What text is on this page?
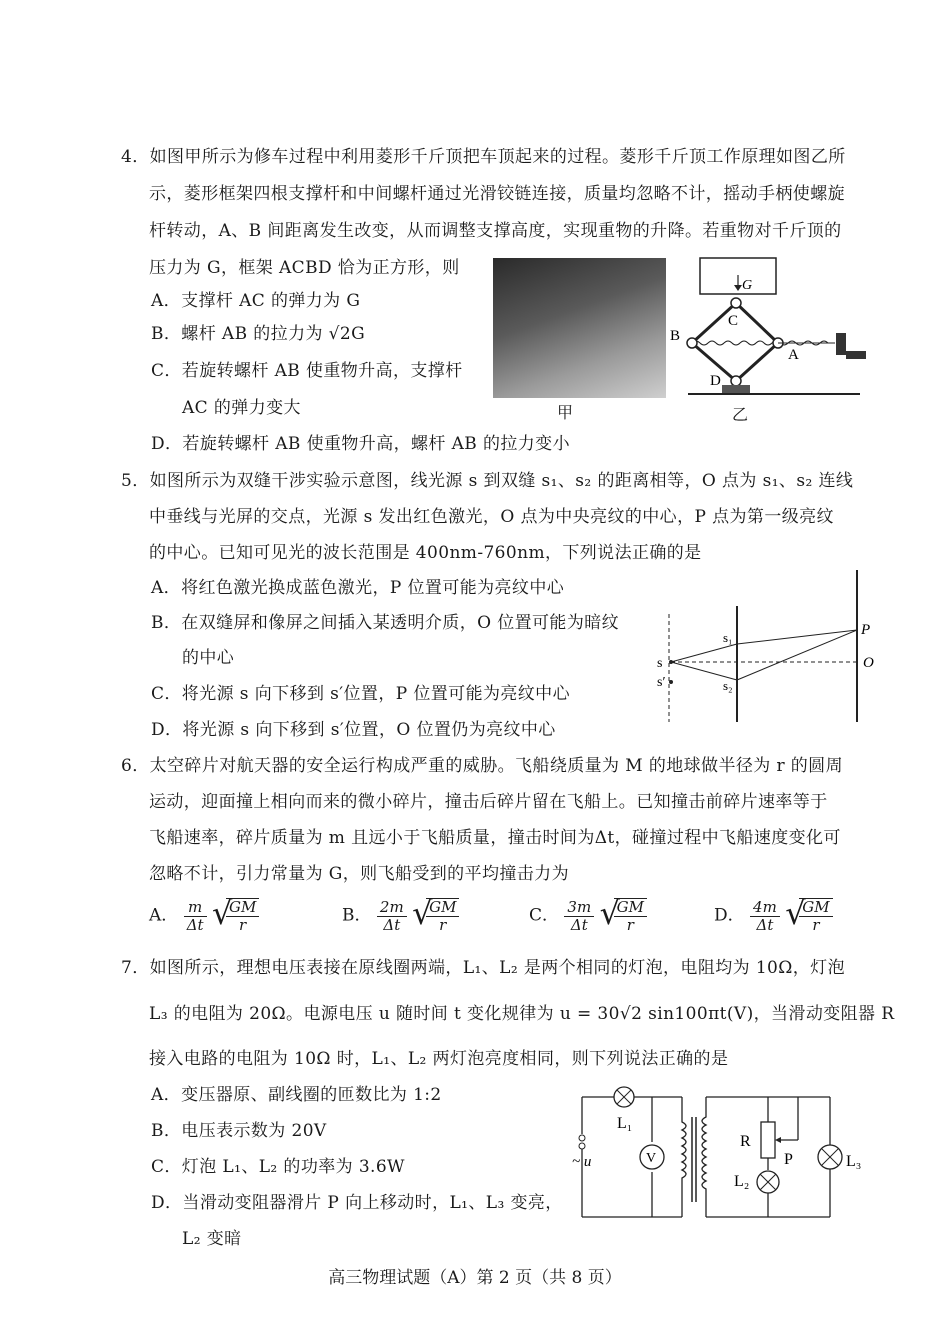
4．如图甲所示为修车过程中利用菱形千斤顶把车顶起来的过程。菱形千斤顶工作原理如图乙所
示，菱形框架四根支撑杆和中间螺杆通过光滑铰链连接，质量均忽略不计，摇动手柄使螺旋
杆转动，A、B 间距离发生改变，从而调整支撑高度，实现重物的升降。若重物对千斤顶的
压力为 G，框架 ACBD 恰为正方形，则
A．支撑杆 AC 的弹力为 G
B．螺杆 AB 的拉力为 √2G
C．若旋转螺杆 AB 使重物升高，支撑杆
AC 的弹力变大
D．若旋转螺杆 AB 使重物升高，螺杆 AB 的拉力变小
甲
G
C
B
A
D
乙
5．如图所示为双缝干涉实验示意图，线光源 s 到双缝 s₁、s₂ 的距离相等，O 点为 s₁、s₂ 连线
中垂线与光屏的交点，光源 s 发出红色激光，O 点为中央亮纹的中心，P 点为第一级亮纹
的中心。已知可见光的波长范围是 400nm-760nm，下列说法正确的是
A．将红色激光换成蓝色激光，P 位置可能为亮纹中心
B．在双缝屏和像屏之间插入某透明介质，O 位置可能为暗纹
的中心
C．将光源 s 向下移到 s′位置，P 位置可能为亮纹中心
D．将光源 s 向下移到 s′位置，O 位置仍为亮纹中心
s
s′
s₁
s₂
P
O
6．太空碎片对航天器的安全运行构成严重的威胁。飞船绕质量为 M 的地球做半径为 r 的圆周
运动，迎面撞上相向而来的微小碎片，撞击后碎片留在飞船上。已知撞击前碎片速率等于
飞船速率，碎片质量为 m 且远小于飞船质量，撞击时间为Δt，碰撞过程中飞船速度变化可
忽略不计，引力常量为 G，则飞船受到的平均撞击力为
A． $\frac{m}{\Delta t}$
√
$\frac{GM}{r}$	B． $\frac{2m}{\Delta t}$
√
$\frac{GM}{r}$	C． $\frac{3m}{\Delta t}$
√
$\frac{GM}{r}$	D． $\frac{4m}{\Delta t}$
√
$\frac{GM}{r}$
7．如图所示，理想电压表接在原线圈两端，L₁、L₂ 是两个相同的灯泡，电阻均为 10Ω，灯泡
L₃ 的电阻为 20Ω。电源电压 u 随时间 t 变化规律为 u = 30√2 sin100πt(V)，当滑动变阻器 R
接入电路的电阻为 10Ω 时，L₁、L₂ 两灯泡亮度相同，则下列说法正确的是
A．变压器原、副线圈的匝数比为 1:2
B．电压表示数为 20V
C．灯泡 L₁、L₂ 的功率为 3.6W
D．当滑动变阻器滑片 P 向上移动时，L₁、L₃ 变亮，
L₂ 变暗
L₁
V
~ u
R
P
L₂
L₃
高三物理试题（A）第 2 页（共 8 页）
